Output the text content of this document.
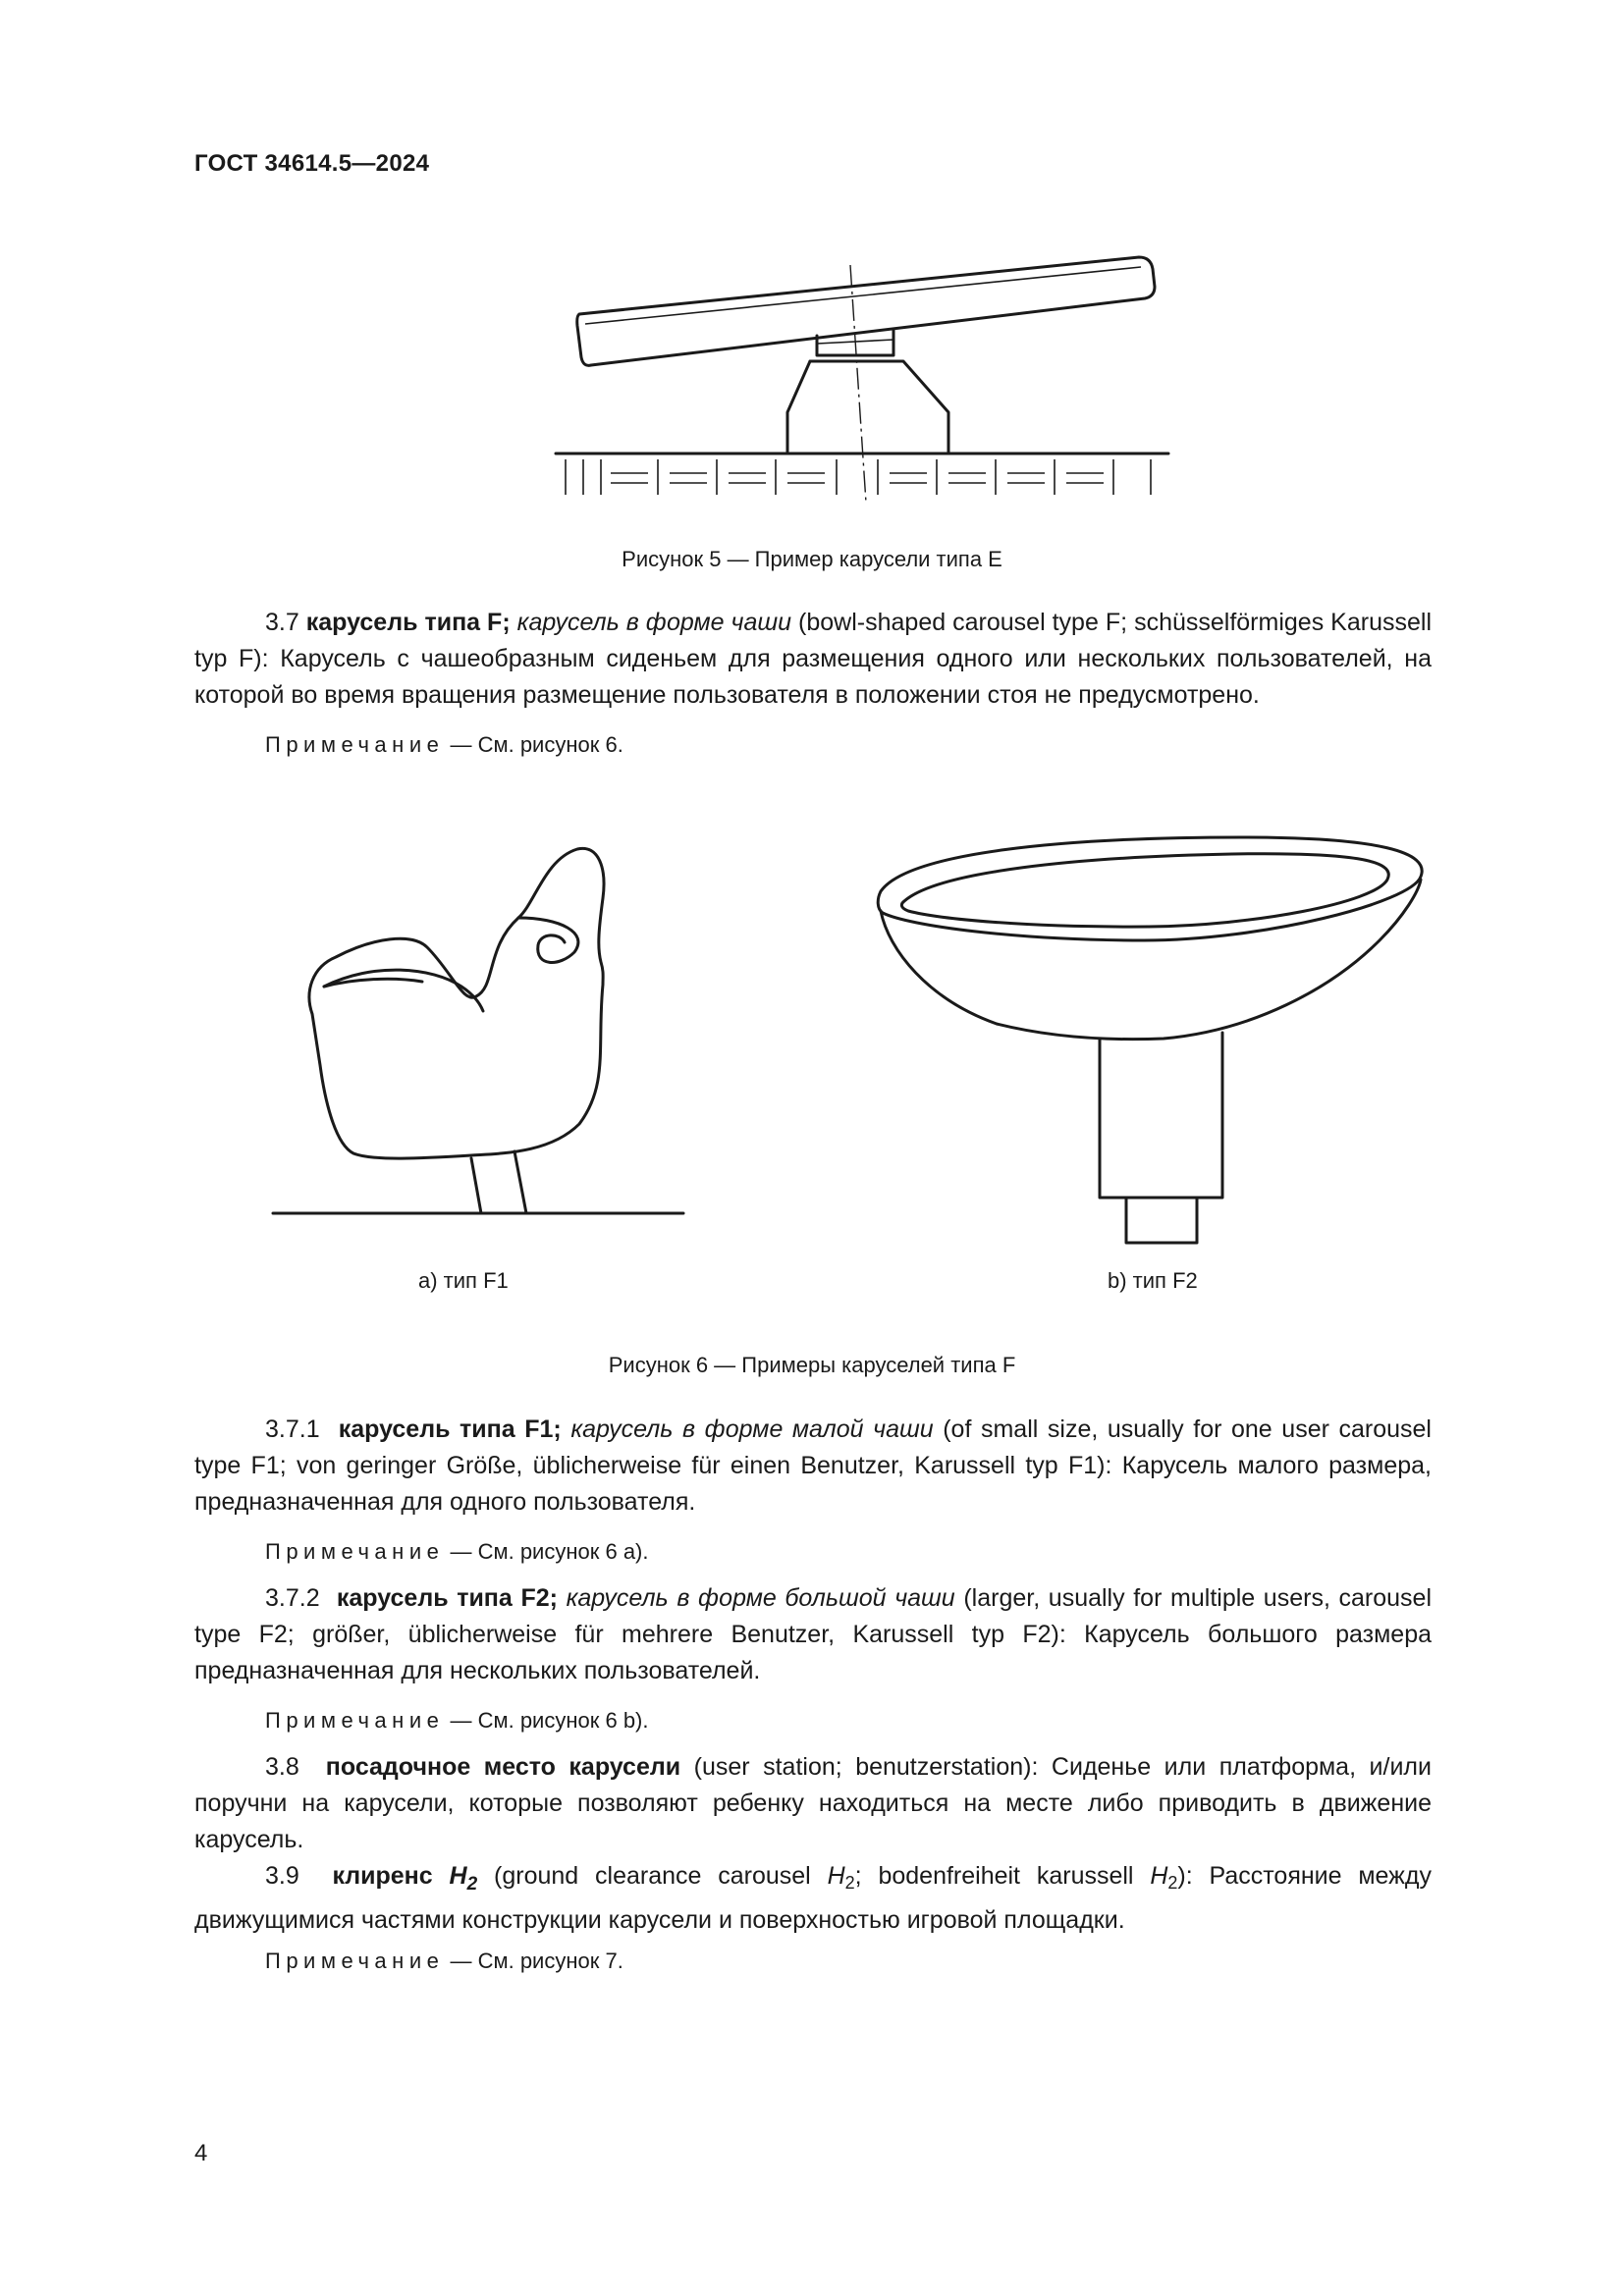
ГОСТ 34614.5—2024
Рисунок 5 — Пример карусели типа Е
3.7 карусель типа F; карусель в форме чаши (bowl-shaped carousel type F; schüsselförmiges Karussell typ F): Карусель с чашеобразным сиденьем для размещения одного или нескольких пользователей, на которой во время вращения размещение пользователя в положении стоя не предусмотрено.
Примечание — См. рисунок 6.
а) тип F1	b) тип F2
Рисунок 6 — Примеры каруселей типа F
3.7.1 карусель типа F1; карусель в форме малой чаши (of small size, usually for one user carousel type F1; von geringer Größe, üblicherweise für einen Benutzer, Karussell typ F1): Карусель малого размера, предназначенная для одного пользователя.
Примечание — См. рисунок 6 а).
3.7.2 карусель типа F2; карусель в форме большой чаши (larger, usually for multiple users, carousel type F2; größer, üblicherweise für mehrere Benutzer, Karussell typ F2): Карусель большого размера предназначенная для нескольких пользователей.
Примечание — См. рисунок 6 b).
3.8 посадочное место карусели (user station; benutzerstation): Сиденье или платформа, и/или поручни на карусели, которые позволяют ребенку находиться на месте либо приводить в движение карусель.
3.9 клиренс $H_2$ (ground clearance carousel $H_2$; bodenfreiheit karussell $H_2$): Расстояние между движущимися частями конструкции карусели и поверхностью игровой площадки.
Примечание — См. рисунок 7.
4
